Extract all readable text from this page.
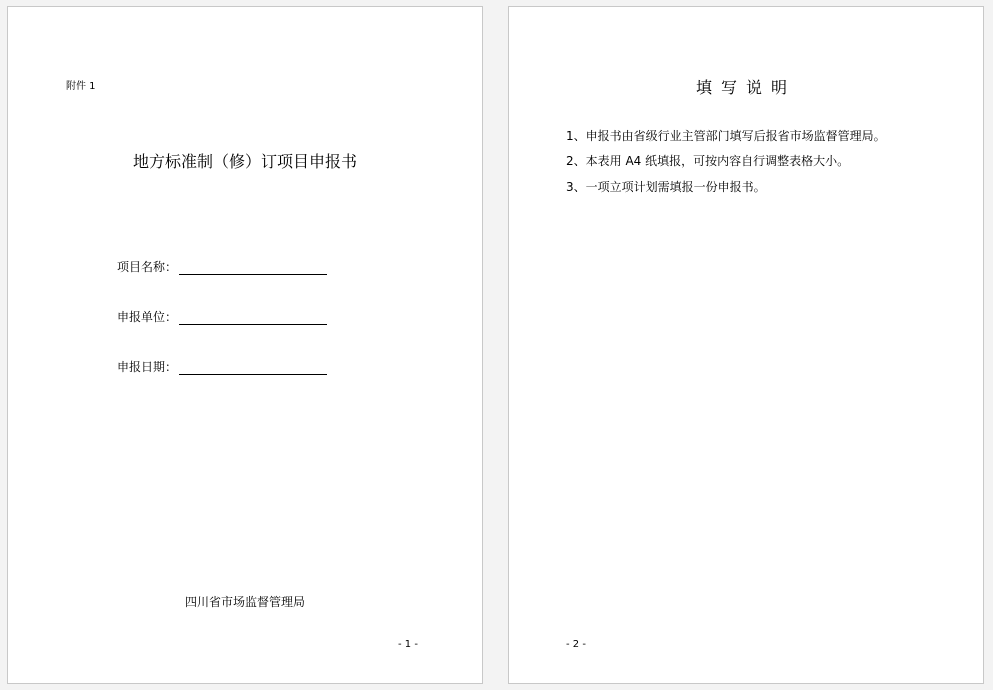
附件 1
地方标准制（修）订项目申报书
项目名称：
申报单位：
申报日期：
四川省市场监督管理局
- 1 -
填写说明
1、申报书由省级行业主管部门填写后报省市场监督管理局。
2、本表用 A4 纸填报，可按内容自行调整表格大小。
3、一项立项计划需填报一份申报书。
- 2 -
